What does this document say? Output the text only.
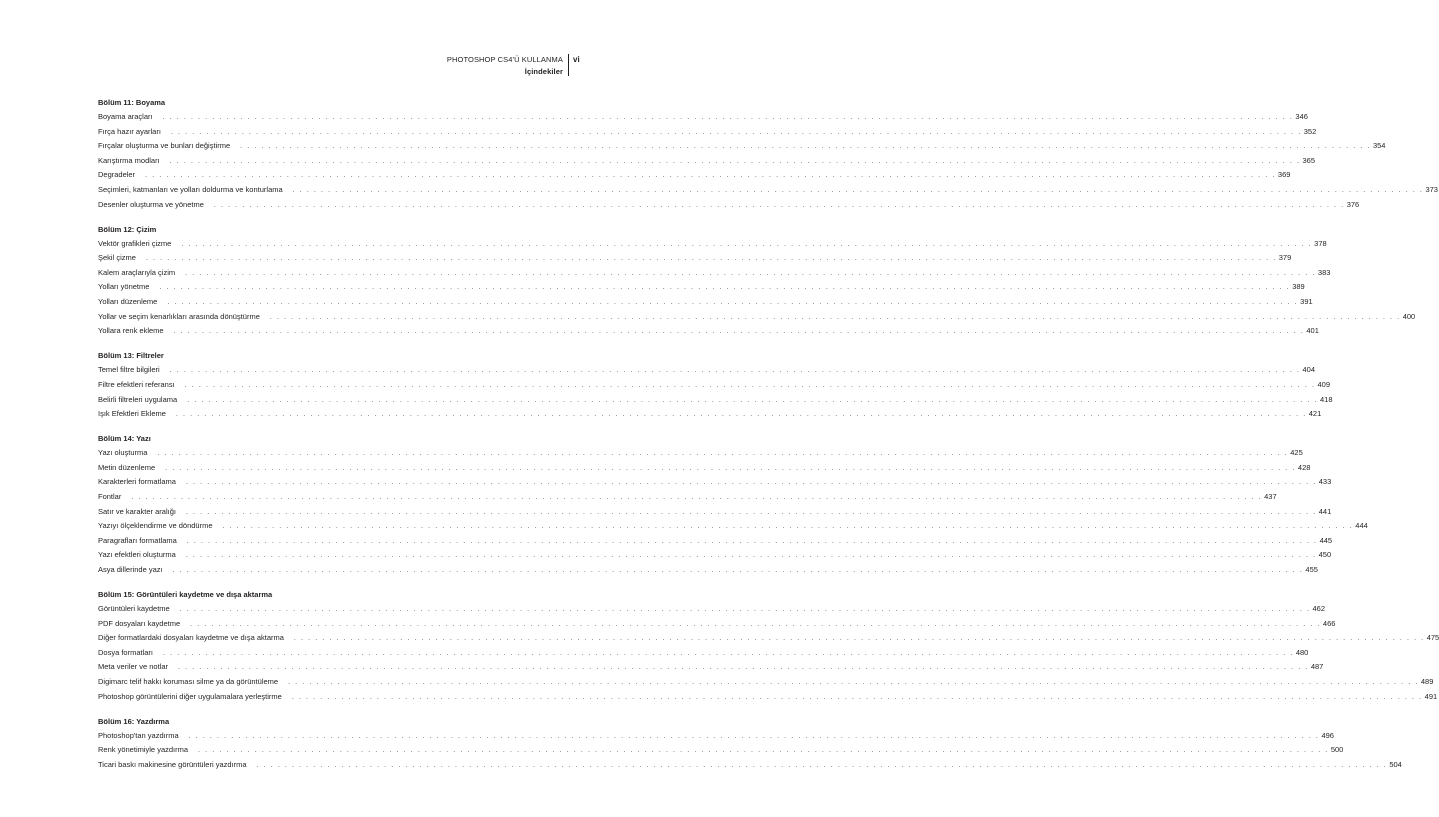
PHOTOSHOP CS4'Ü KULLANMA
İçindekiler
vi
Bölüm 11: Boyama
Boyama araçları . . . . . . . . . . . . . . . . . . . . . . . . . . . . . . . . . . . . . . . . . . . . . . . . . . . . . . . . . . . . . . . . . . . . . . . . . . . . . . . . . . . . . . . . . . . . . . . . . . . . . . . . . . . . . . . . . . . . . . . . . . . . . . . . . . . . . . . . . . . . . . . . . . . . . . . . . . . . . . . . 346
Fırça hazır ayarları . . . . . . . . . . . . . . . . . . . . . . . . . . . . . . . . . . . . . . . . . . . . . . . . . . . . . . . . . . . . . . . . . . . . . . . . . . . . . . . . . . . . . . . . . . . . . . . . . . . . . . . . . . . . . . . . . . . . . . . . . . . . . . . . . . . . . . . . . . . . . . . . . . . . . . . . . . . . . . . . 352
Fırçalar oluşturma ve bunları değiştirme . . . . . . . . . . . . . . . . . . . . . . . . . . . . . . . . . . . . . . . . . . . . . . . . . . . . . . . . . . . . . . . . . . . . . . . . . . . . . . . . . . . . . . . . . . . . . . . . . . . . . . . . . . . . . . . . . . . . . . . . . . . . . . . . . . . . . . . . . . . . . . . . . . . . . . . . . . . . . . . . 354
Karıştırma modları . . . . . . . . . . . . . . . . . . . . . . . . . . . . . . . . . . . . . . . . . . . . . . . . . . . . . . . . . . . . . . . . . . . . . . . . . . . . . . . . . . . . . . . . . . . . . . . . . . . . . . . . . . . . . . . . . . . . . . . . . . . . . . . . . . . . . . . . . . . . . . . . . . . . . . . . . . . . . . . . 365
Degradeler . . . . . . . . . . . . . . . . . . . . . . . . . . . . . . . . . . . . . . . . . . . . . . . . . . . . . . . . . . . . . . . . . . . . . . . . . . . . . . . . . . . . . . . . . . . . . . . . . . . . . . . . . . . . . . . . . . . . . . . . . . . . . . . . . . . . . . . . . . . . . . . . . . . . . . . . . . . . . . . . 369
Seçimleri, katmanları ve yolları doldurma ve konturlama . . . . . . . . . . . . . . . . . . . . . . . . . . . . . . . . . . . . . . . . . . . . . . . . . . . . . . . . . . . . . . . . . . . . . . . . . . . . . . . . . . . . . . . . . . . . . . . . . . . . . . . . . . . . . . . . . . . . . . . . . . . . . . . . . . . . . . . . . . . . . . . . . . . . . . . . . . . . . . . . 373
Desenler oluşturma ve yönetme . . . . . . . . . . . . . . . . . . . . . . . . . . . . . . . . . . . . . . . . . . . . . . . . . . . . . . . . . . . . . . . . . . . . . . . . . . . . . . . . . . . . . . . . . . . . . . . . . . . . . . . . . . . . . . . . . . . . . . . . . . . . . . . . . . . . . . . . . . . . . . . . . . . . . . . . . . . . . . . . 376
Bölüm 12: Çizim
Vektör grafikleri çizme . . . . . . . . . . . . . . . . . . . . . . . . . . . . . . . . . . . . . . . . . . . . . . . . . . . . . . . . . . . . . . . . . . . . . . . . . . . . . . . . . . . . . . . . . . . . . . . . . . . . . . . . . . . . . . . . . . . . . . . . . . . . . . . . . . . . . . . . . . . . . . . . . . . . . . . . . . . . . . . . 378
Şekil çizme . . . . . . . . . . . . . . . . . . . . . . . . . . . . . . . . . . . . . . . . . . . . . . . . . . . . . . . . . . . . . . . . . . . . . . . . . . . . . . . . . . . . . . . . . . . . . . . . . . . . . . . . . . . . . . . . . . . . . . . . . . . . . . . . . . . . . . . . . . . . . . . . . . . . . . . . . . . . . . . . 379
Kalem araçlarıyla çizim . . . . . . . . . . . . . . . . . . . . . . . . . . . . . . . . . . . . . . . . . . . . . . . . . . . . . . . . . . . . . . . . . . . . . . . . . . . . . . . . . . . . . . . . . . . . . . . . . . . . . . . . . . . . . . . . . . . . . . . . . . . . . . . . . . . . . . . . . . . . . . . . . . . . . . . . . . . . . . . . 383
Yolları yönetme . . . . . . . . . . . . . . . . . . . . . . . . . . . . . . . . . . . . . . . . . . . . . . . . . . . . . . . . . . . . . . . . . . . . . . . . . . . . . . . . . . . . . . . . . . . . . . . . . . . . . . . . . . . . . . . . . . . . . . . . . . . . . . . . . . . . . . . . . . . . . . . . . . . . . . . . . . . . . . . . 389
Yolları düzenleme . . . . . . . . . . . . . . . . . . . . . . . . . . . . . . . . . . . . . . . . . . . . . . . . . . . . . . . . . . . . . . . . . . . . . . . . . . . . . . . . . . . . . . . . . . . . . . . . . . . . . . . . . . . . . . . . . . . . . . . . . . . . . . . . . . . . . . . . . . . . . . . . . . . . . . . . . . . . . . . . 391
Yollar ve seçim kenarlıkları arasında dönüştürme . . . . . . . . . . . . . . . . . . . . . . . . . . . . . . . . . . . . . . . . . . . . . . . . . . . . . . . . . . . . . . . . . . . . . . . . . . . . . . . . . . . . . . . . . . . . . . . . . . . . . . . . . . . . . . . . . . . . . . . . . . . . . . . . . . . . . . . . . . . . . . . . . . . . . . . . . . . . . . . . 400
Yollara renk ekleme . . . . . . . . . . . . . . . . . . . . . . . . . . . . . . . . . . . . . . . . . . . . . . . . . . . . . . . . . . . . . . . . . . . . . . . . . . . . . . . . . . . . . . . . . . . . . . . . . . . . . . . . . . . . . . . . . . . . . . . . . . . . . . . . . . . . . . . . . . . . . . . . . . . . . . . . . . . . . . . . 401
Bölüm 13: Filtreler
Temel filtre bilgileri . . . . . . . . . . . . . . . . . . . . . . . . . . . . . . . . . . . . . . . . . . . . . . . . . . . . . . . . . . . . . . . . . . . . . . . . . . . . . . . . . . . . . . . . . . . . . . . . . . . . . . . . . . . . . . . . . . . . . . . . . . . . . . . . . . . . . . . . . . . . . . . . . . . . . . . . . . . . . . . . 404
Filtre efektleri referansı . . . . . . . . . . . . . . . . . . . . . . . . . . . . . . . . . . . . . . . . . . . . . . . . . . . . . . . . . . . . . . . . . . . . . . . . . . . . . . . . . . . . . . . . . . . . . . . . . . . . . . . . . . . . . . . . . . . . . . . . . . . . . . . . . . . . . . . . . . . . . . . . . . . . . . . . . . . . . . . . 409
Belirli filtreleri uygulama . . . . . . . . . . . . . . . . . . . . . . . . . . . . . . . . . . . . . . . . . . . . . . . . . . . . . . . . . . . . . . . . . . . . . . . . . . . . . . . . . . . . . . . . . . . . . . . . . . . . . . . . . . . . . . . . . . . . . . . . . . . . . . . . . . . . . . . . . . . . . . . . . . . . . . . . . . . . . . . . 418
Işık Efektleri Ekleme . . . . . . . . . . . . . . . . . . . . . . . . . . . . . . . . . . . . . . . . . . . . . . . . . . . . . . . . . . . . . . . . . . . . . . . . . . . . . . . . . . . . . . . . . . . . . . . . . . . . . . . . . . . . . . . . . . . . . . . . . . . . . . . . . . . . . . . . . . . . . . . . . . . . . . . . . . . . . . . . 421
Bölüm 14: Yazı
Yazı oluşturma . . . . . . . . . . . . . . . . . . . . . . . . . . . . . . . . . . . . . . . . . . . . . . . . . . . . . . . . . . . . . . . . . . . . . . . . . . . . . . . . . . . . . . . . . . . . . . . . . . . . . . . . . . . . . . . . . . . . . . . . . . . . . . . . . . . . . . . . . . . . . . . . . . . . . . . . . . . . . . . . 425
Metin düzenleme . . . . . . . . . . . . . . . . . . . . . . . . . . . . . . . . . . . . . . . . . . . . . . . . . . . . . . . . . . . . . . . . . . . . . . . . . . . . . . . . . . . . . . . . . . . . . . . . . . . . . . . . . . . . . . . . . . . . . . . . . . . . . . . . . . . . . . . . . . . . . . . . . . . . . . . . . . . . . . . . 428
Karakterleri formatlama . . . . . . . . . . . . . . . . . . . . . . . . . . . . . . . . . . . . . . . . . . . . . . . . . . . . . . . . . . . . . . . . . . . . . . . . . . . . . . . . . . . . . . . . . . . . . . . . . . . . . . . . . . . . . . . . . . . . . . . . . . . . . . . . . . . . . . . . . . . . . . . . . . . . . . . . . . . . . . . . 433
Fontlar . . . . . . . . . . . . . . . . . . . . . . . . . . . . . . . . . . . . . . . . . . . . . . . . . . . . . . . . . . . . . . . . . . . . . . . . . . . . . . . . . . . . . . . . . . . . . . . . . . . . . . . . . . . . . . . . . . . . . . . . . . . . . . . . . . . . . . . . . . . . . . . . . . . . . . . . . . . . . . . . 437
Satır ve karakter aralığı . . . . . . . . . . . . . . . . . . . . . . . . . . . . . . . . . . . . . . . . . . . . . . . . . . . . . . . . . . . . . . . . . . . . . . . . . . . . . . . . . . . . . . . . . . . . . . . . . . . . . . . . . . . . . . . . . . . . . . . . . . . . . . . . . . . . . . . . . . . . . . . . . . . . . . . . . . . . . . . . 441
Yazıyı ölçeklendirme ve döndürme . . . . . . . . . . . . . . . . . . . . . . . . . . . . . . . . . . . . . . . . . . . . . . . . . . . . . . . . . . . . . . . . . . . . . . . . . . . . . . . . . . . . . . . . . . . . . . . . . . . . . . . . . . . . . . . . . . . . . . . . . . . . . . . . . . . . . . . . . . . . . . . . . . . . . . . . . . . . . . . . 444
Paragrafları formatlama . . . . . . . . . . . . . . . . . . . . . . . . . . . . . . . . . . . . . . . . . . . . . . . . . . . . . . . . . . . . . . . . . . . . . . . . . . . . . . . . . . . . . . . . . . . . . . . . . . . . . . . . . . . . . . . . . . . . . . . . . . . . . . . . . . . . . . . . . . . . . . . . . . . . . . . . . . . . . . . . 445
Yazı efektleri oluşturma . . . . . . . . . . . . . . . . . . . . . . . . . . . . . . . . . . . . . . . . . . . . . . . . . . . . . . . . . . . . . . . . . . . . . . . . . . . . . . . . . . . . . . . . . . . . . . . . . . . . . . . . . . . . . . . . . . . . . . . . . . . . . . . . . . . . . . . . . . . . . . . . . . . . . . . . . . . . . . . . 450
Asya dillerinde yazı . . . . . . . . . . . . . . . . . . . . . . . . . . . . . . . . . . . . . . . . . . . . . . . . . . . . . . . . . . . . . . . . . . . . . . . . . . . . . . . . . . . . . . . . . . . . . . . . . . . . . . . . . . . . . . . . . . . . . . . . . . . . . . . . . . . . . . . . . . . . . . . . . . . . . . . . . . . . . . . . 455
Bölüm 15: Görüntüleri kaydetme ve dışa aktarma
Görüntüleri kaydetme . . . . . . . . . . . . . . . . . . . . . . . . . . . . . . . . . . . . . . . . . . . . . . . . . . . . . . . . . . . . . . . . . . . . . . . . . . . . . . . . . . . . . . . . . . . . . . . . . . . . . . . . . . . . . . . . . . . . . . . . . . . . . . . . . . . . . . . . . . . . . . . . . . . . . . . . . . . . . . . . 462
PDF dosyaları kaydetme . . . . . . . . . . . . . . . . . . . . . . . . . . . . . . . . . . . . . . . . . . . . . . . . . . . . . . . . . . . . . . . . . . . . . . . . . . . . . . . . . . . . . . . . . . . . . . . . . . . . . . . . . . . . . . . . . . . . . . . . . . . . . . . . . . . . . . . . . . . . . . . . . . . . . . . . . . . . . . . . 466
Diğer formatlardaki dosyaları kaydetme ve dışa aktarma . . . . . . . . . . . . . . . . . . . . . . . . . . . . . . . . . . . . . . . . . . . . . . . . . . . . . . . . . . . . . . . . . . . . . . . . . . . . . . . . . . . . . . . . . . . . . . . . . . . . . . . . . . . . . . . . . . . . . . . . . . . . . . . . . . . . . . . . . . . . . . . . . . . . . . . . . . . . . . . . 475
Dosya formatları . . . . . . . . . . . . . . . . . . . . . . . . . . . . . . . . . . . . . . . . . . . . . . . . . . . . . . . . . . . . . . . . . . . . . . . . . . . . . . . . . . . . . . . . . . . . . . . . . . . . . . . . . . . . . . . . . . . . . . . . . . . . . . . . . . . . . . . . . . . . . . . . . . . . . . . . . . . . . . . . 480
Meta veriler ve notlar . . . . . . . . . . . . . . . . . . . . . . . . . . . . . . . . . . . . . . . . . . . . . . . . . . . . . . . . . . . . . . . . . . . . . . . . . . . . . . . . . . . . . . . . . . . . . . . . . . . . . . . . . . . . . . . . . . . . . . . . . . . . . . . . . . . . . . . . . . . . . . . . . . . . . . . . . . . . . . . . 487
Digimarc telif hakkı koruması silme ya da görüntüleme . . . . . . . . . . . . . . . . . . . . . . . . . . . . . . . . . . . . . . . . . . . . . . . . . . . . . . . . . . . . . . . . . . . . . . . . . . . . . . . . . . . . . . . . . . . . . . . . . . . . . . . . . . . . . . . . . . . . . . . . . . . . . . . . . . . . . . . . . . . . . . . . . . . . . . . . . . . . . . . . 489
Photoshop görüntülerini diğer uygulamalara yerleştirme . . . . . . . . . . . . . . . . . . . . . . . . . . . . . . . . . . . . . . . . . . . . . . . . . . . . . . . . . . . . . . . . . . . . . . . . . . . . . . . . . . . . . . . . . . . . . . . . . . . . . . . . . . . . . . . . . . . . . . . . . . . . . . . . . . . . . . . . . . . . . . . . . . . . . . . . . . . . . . . . 491
Bölüm 16: Yazdırma
Photoshop'tan yazdırma . . . . . . . . . . . . . . . . . . . . . . . . . . . . . . . . . . . . . . . . . . . . . . . . . . . . . . . . . . . . . . . . . . . . . . . . . . . . . . . . . . . . . . . . . . . . . . . . . . . . . . . . . . . . . . . . . . . . . . . . . . . . . . . . . . . . . . . . . . . . . . . . . . . . . . . . . . . . . . . . 496
Renk yönetimiyle yazdırma . . . . . . . . . . . . . . . . . . . . . . . . . . . . . . . . . . . . . . . . . . . . . . . . . . . . . . . . . . . . . . . . . . . . . . . . . . . . . . . . . . . . . . . . . . . . . . . . . . . . . . . . . . . . . . . . . . . . . . . . . . . . . . . . . . . . . . . . . . . . . . . . . . . . . . . . . . . . . . . . 500
Ticari baskı makinesine görüntüleri yazdırma . . . . . . . . . . . . . . . . . . . . . . . . . . . . . . . . . . . . . . . . . . . . . . . . . . . . . . . . . . . . . . . . . . . . . . . . . . . . . . . . . . . . . . . . . . . . . . . . . . . . . . . . . . . . . . . . . . . . . . . . . . . . . . . . . . . . . . . . . . . . . . . . . . . . . . . . . . . . . . . . 504
